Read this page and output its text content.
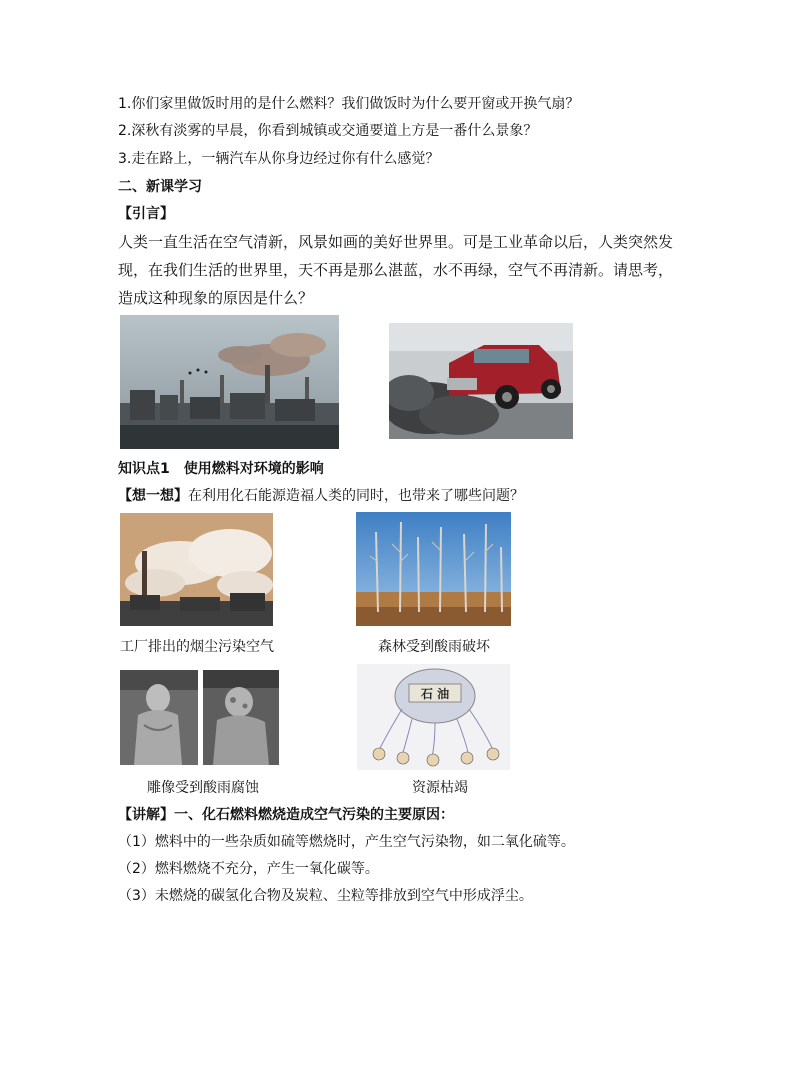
1.你们家里做饭时用的是什么燃料？我们做饭时为什么要开窗或开换气扇？
2.深秋有淡雾的早晨，你看到城镇或交通要道上方是一番什么景象？
3.走在路上，一辆汽车从你身边经过你有什么感觉？
二、新课学习
【引言】
人类一直生活在空气清新，风景如画的美好世界里。可是工业革命以后，人类突然发现，在我们生活的世界里，天不再是那么湛蓝，水不再绿，空气不再清新。请思考，造成这种现象的原因是什么？
知识点1　使用燃料对环境的影响
【想一想】在利用化石能源造福人类的同时，也带来了哪些问题？
工厂排出的烟尘污染空气	森林受到酸雨破坏
雕像受到酸雨腐蚀
石 油
资源枯竭
【讲解】一、化石燃料燃烧造成空气污染的主要原因：
（1）燃料中的一些杂质如硫等燃烧时，产生空气污染物，如二氧化硫等。
（2）燃料燃烧不充分，产生一氧化碳等。
（3）未燃烧的碳氢化合物及炭粒、尘粒等排放到空气中形成浮尘。
